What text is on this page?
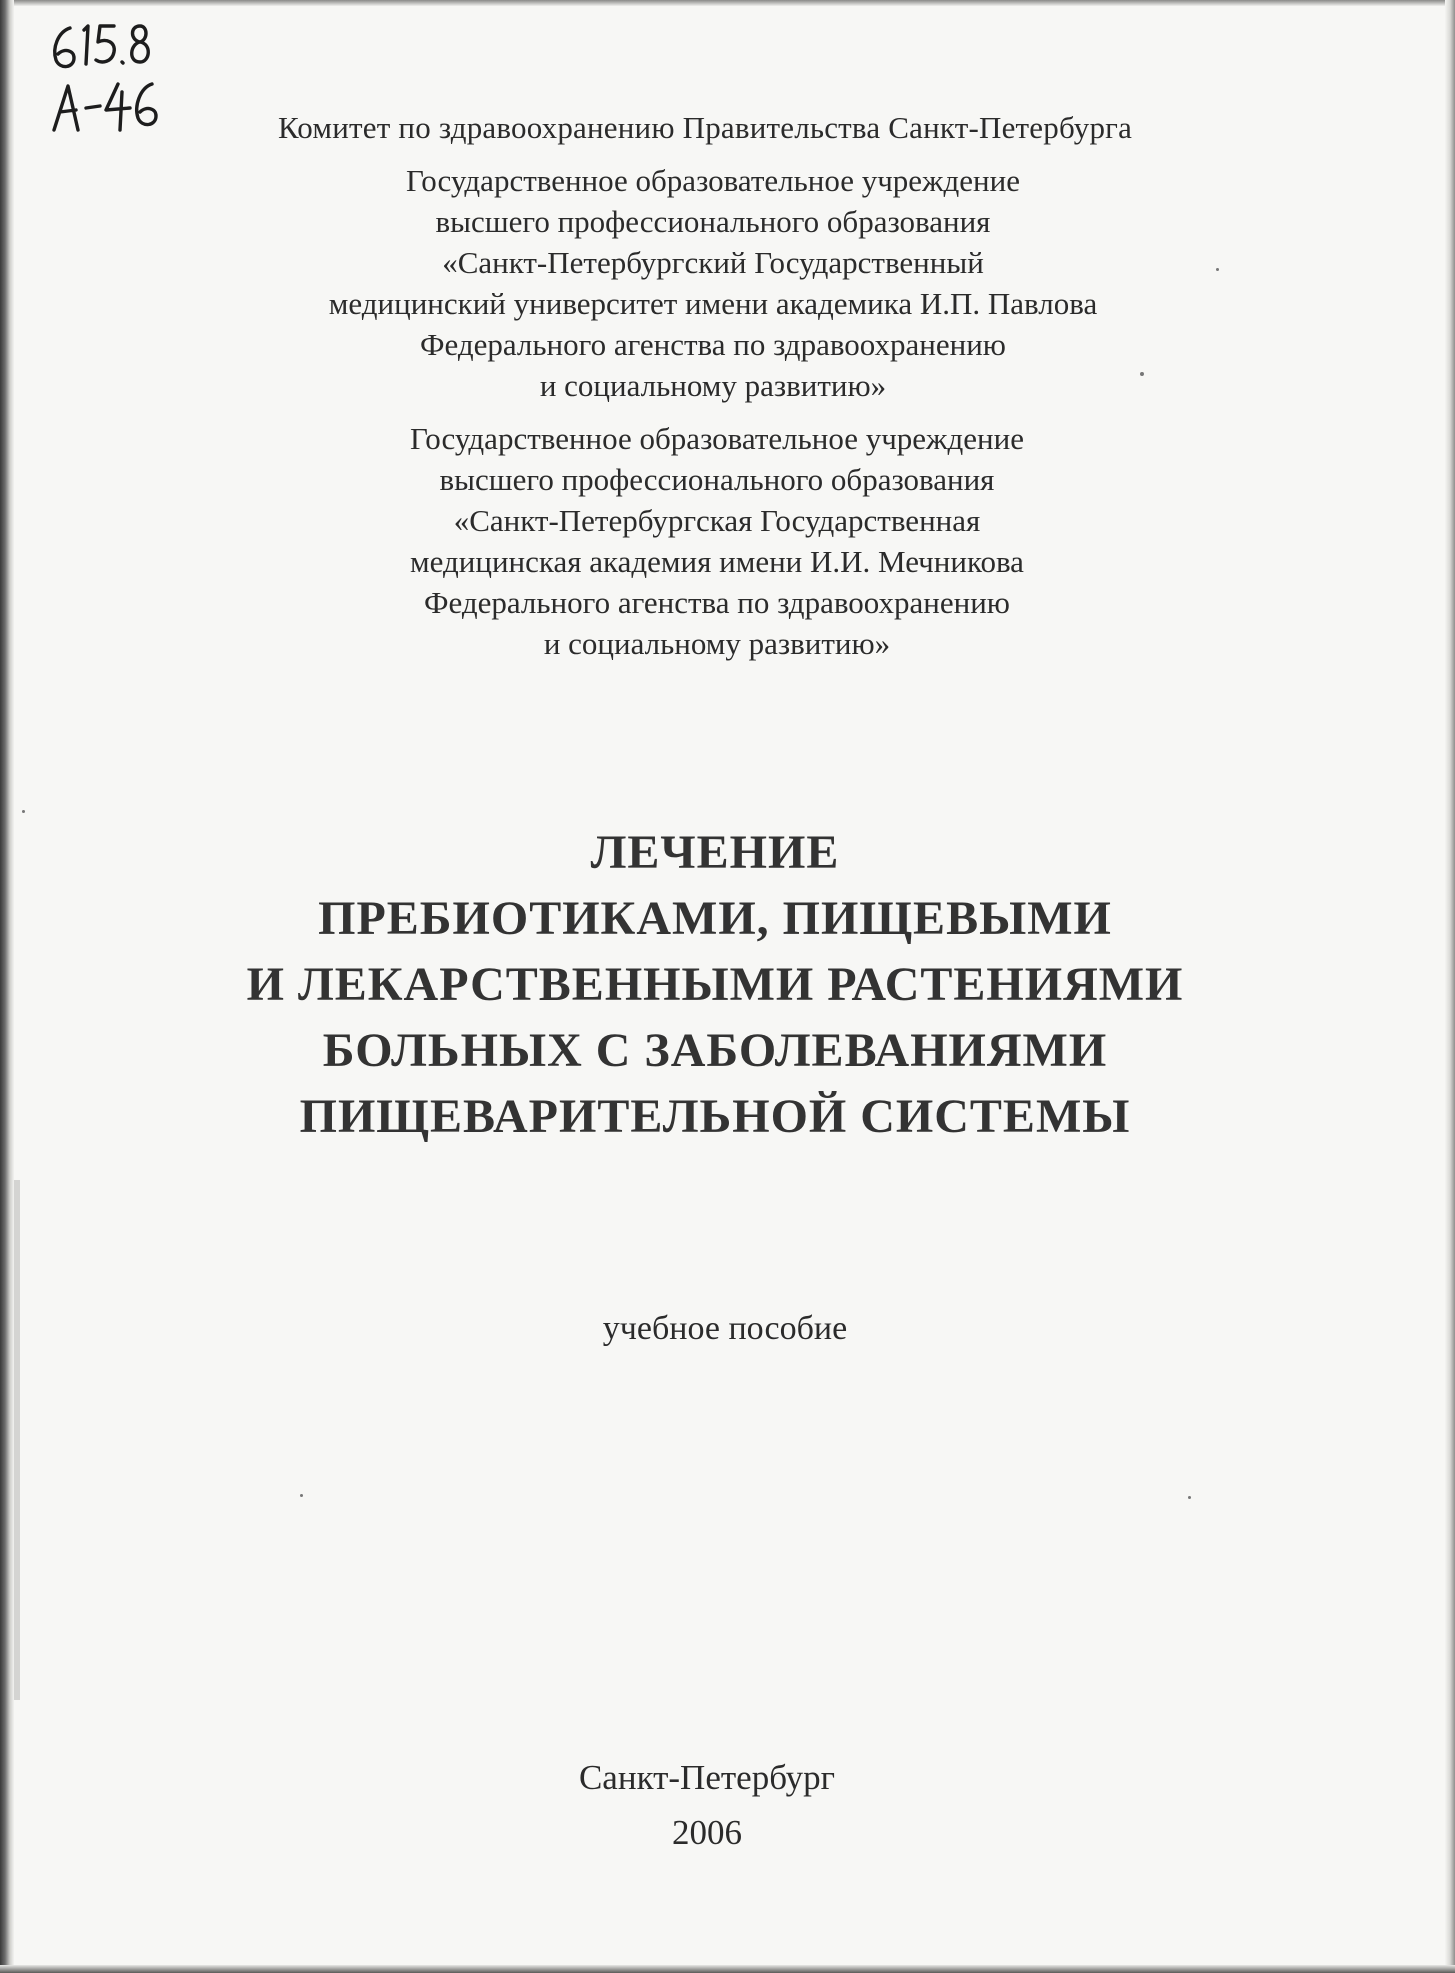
Комитет по здравоохранению Правительства Санкт-Петербурга
Государственное образовательное учреждение
высшего профессионального образования
«Санкт-Петербургский Государственный
медицинский университет имени академика И.П. Павлова
Федерального агенства по здравоохранению
и социальному развитию»
Государственное образовательное учреждение
высшего профессионального образования
«Санкт-Петербургская Государственная
медицинская академия имени И.И. Мечникова
Федерального агенства по здравоохранению
и социальному развитию»
ЛЕЧЕНИЕ
ПРЕБИОТИКАМИ, ПИЩЕВЫМИ
И ЛЕКАРСТВЕННЫМИ РАСТЕНИЯМИ
БОЛЬНЫХ С ЗАБОЛЕВАНИЯМИ
ПИЩЕВАРИТЕЛЬНОЙ СИСТЕМЫ
учебное пособие
Санкт-Петербург
2006
